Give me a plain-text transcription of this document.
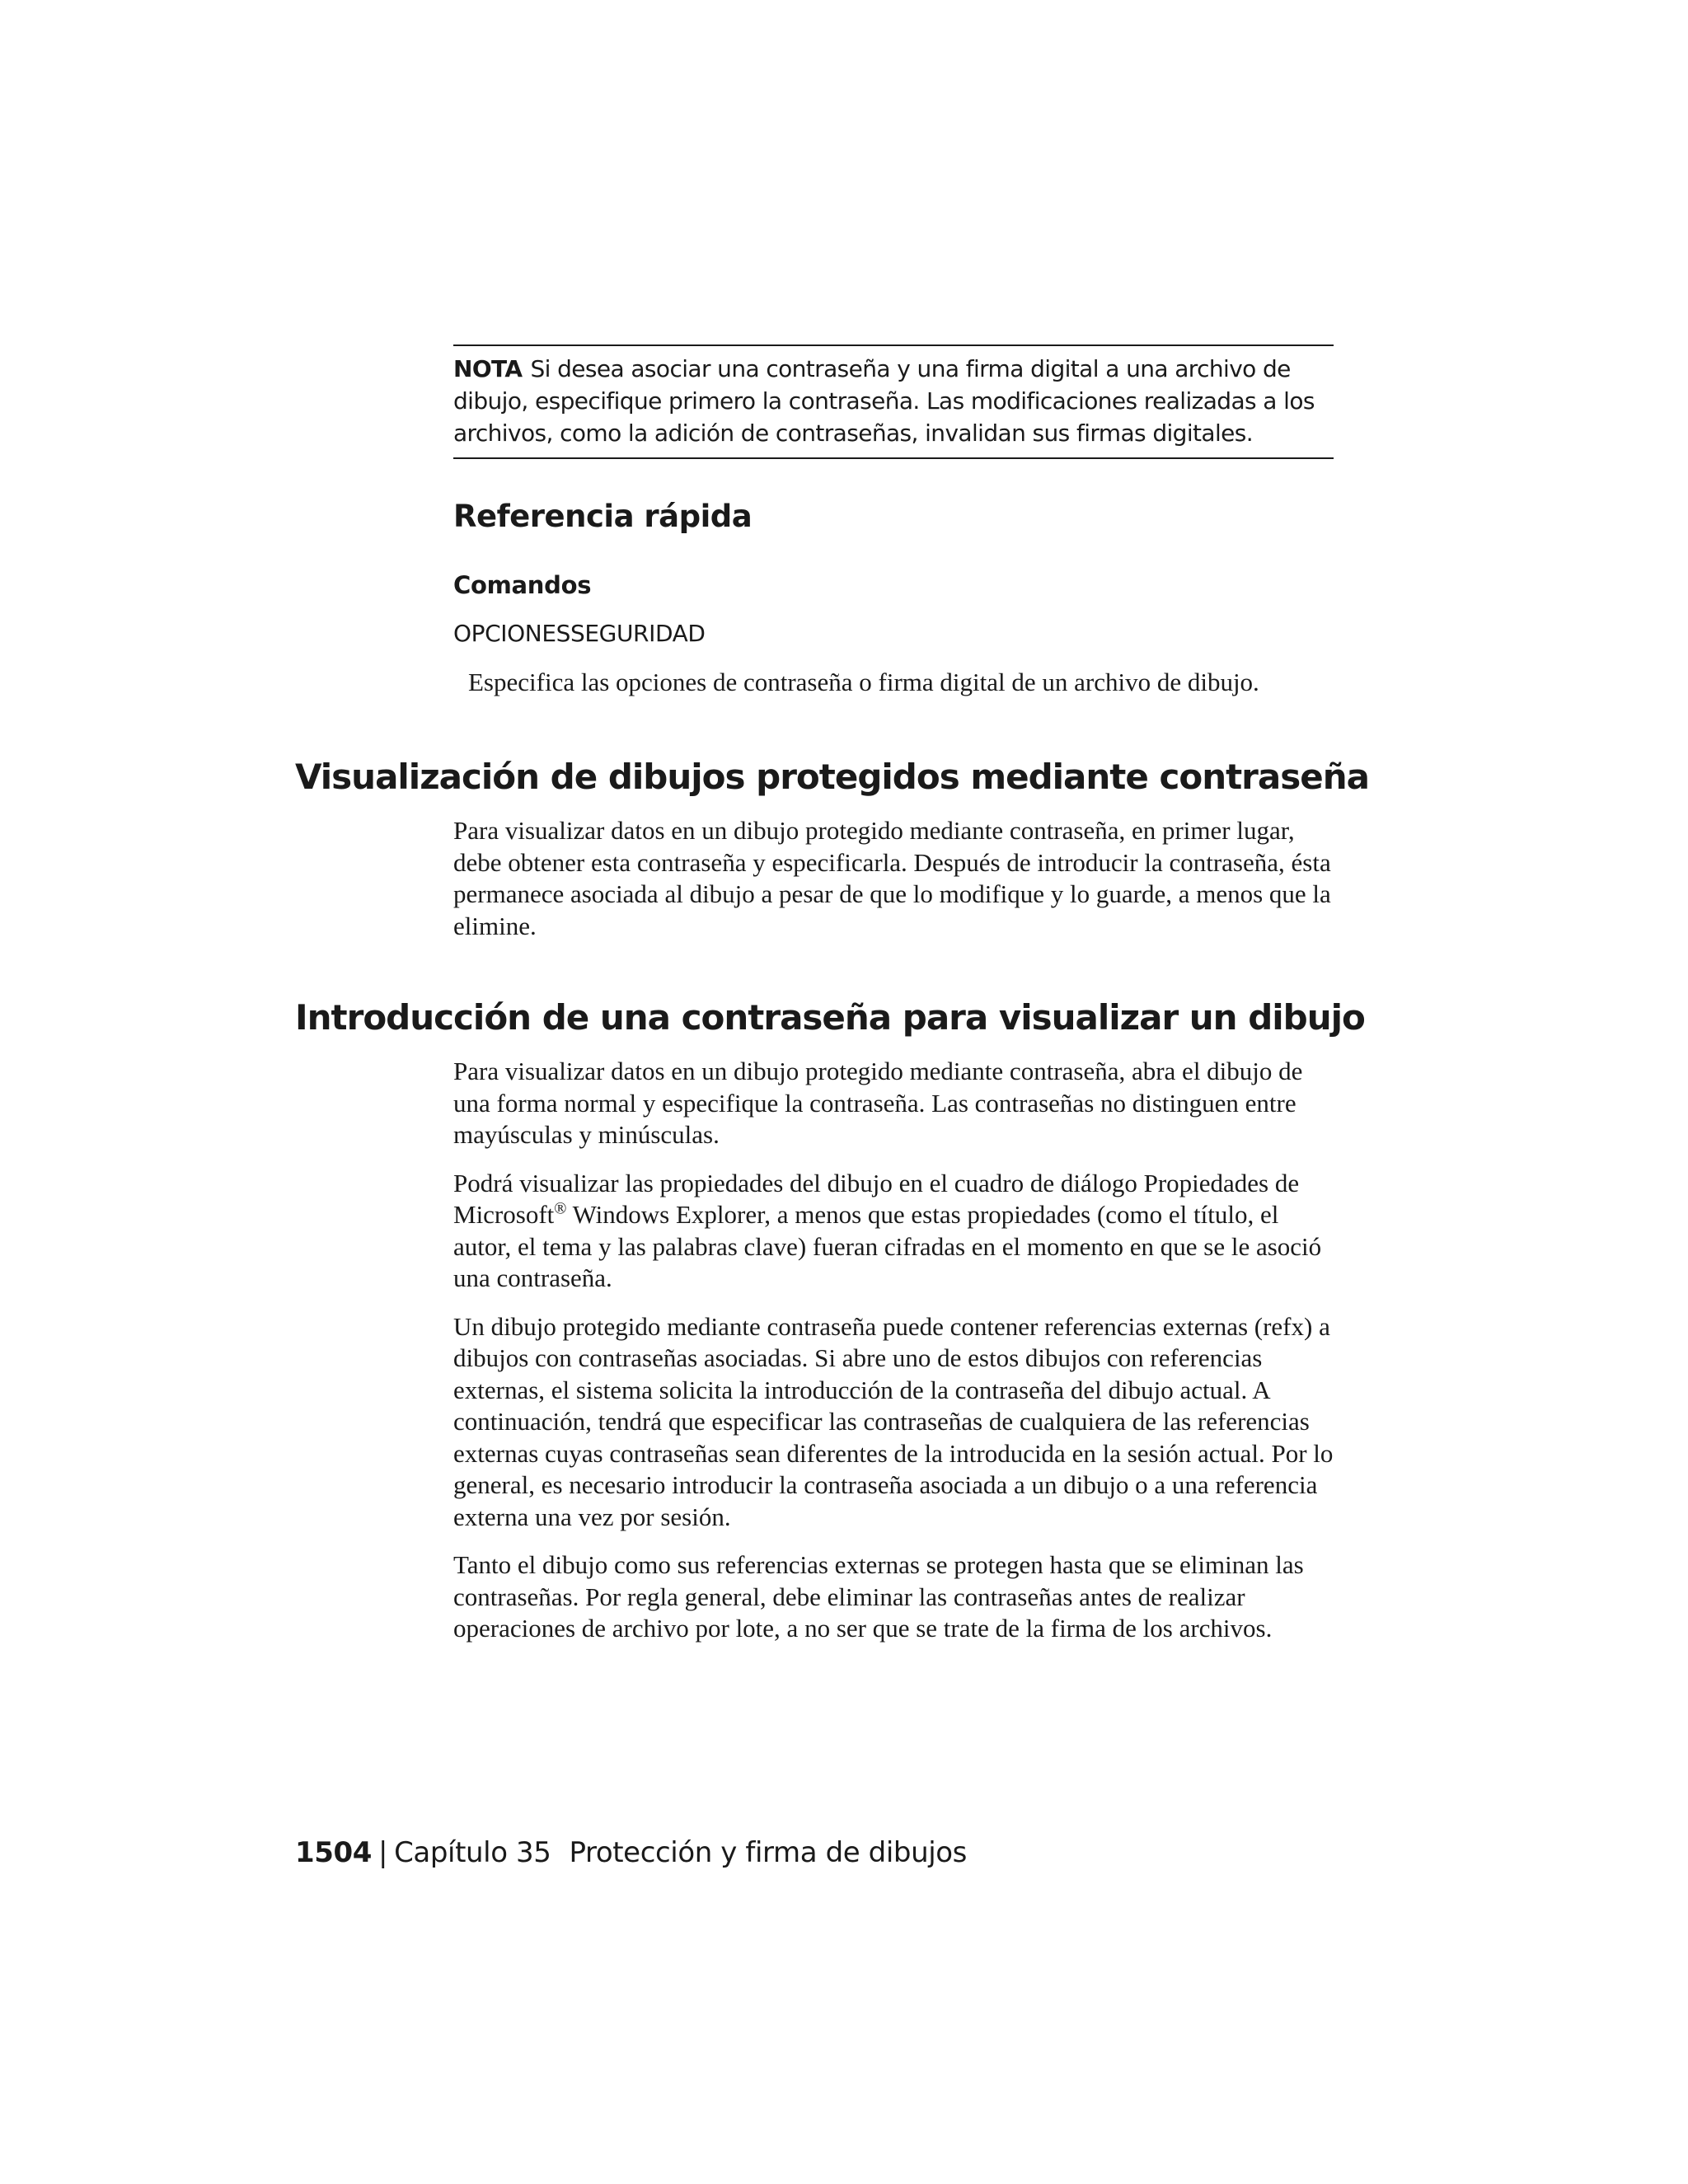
NOTA Si desea asociar una contraseña y una firma digital a una archivo de dibujo, especifique primero la contraseña. Las modificaciones realizadas a los archivos, como la adición de contraseñas, invalidan sus firmas digitales.
Referencia rápida
Comandos
OPCIONESSEGURIDAD
Especifica las opciones de contraseña o firma digital de un archivo de dibujo.
Visualización de dibujos protegidos mediante contraseña

Para visualizar datos en un dibujo protegido mediante contraseña, en primer lugar, debe obtener esta contraseña y especificarla. Después de introducir la contraseña, ésta permanece asociada al dibujo a pesar de que lo modifique y lo guarde, a menos que la elimine.

Introducción de una contraseña para visualizar un dibujo

Para visualizar datos en un dibujo protegido mediante contraseña, abra el dibujo de una forma normal y especifique la contraseña. Las contraseñas no distinguen entre mayúsculas y minúsculas.

Podrá visualizar las propiedades del dibujo en el cuadro de diálogo Propiedades de Microsoft® Windows Explorer, a menos que estas propiedades (como el título, el autor, el tema y las palabras clave) fueran cifradas en el momento en que se le asoció una contraseña.

Un dibujo protegido mediante contraseña puede contener referencias externas (refx) a dibujos con contraseñas asociadas. Si abre uno de estos dibujos con referencias externas, el sistema solicita la introducción de la contraseña del dibujo actual. A continuación, tendrá que especificar las contraseñas de cualquiera de las referencias externas cuyas contraseñas sean diferentes de la introducida en la sesión actual. Por lo general, es necesario introducir la contraseña asociada a un dibujo o a una referencia externa una vez por sesión.

Tanto el dibujo como sus referencias externas se protegen hasta que se eliminan las contraseñas. Por regla general, debe eliminar las contraseñas antes de realizar operaciones de archivo por lote, a no ser que se trate de la firma de los archivos.

1504 | Capítulo 35 Protección y firma de dibujos
